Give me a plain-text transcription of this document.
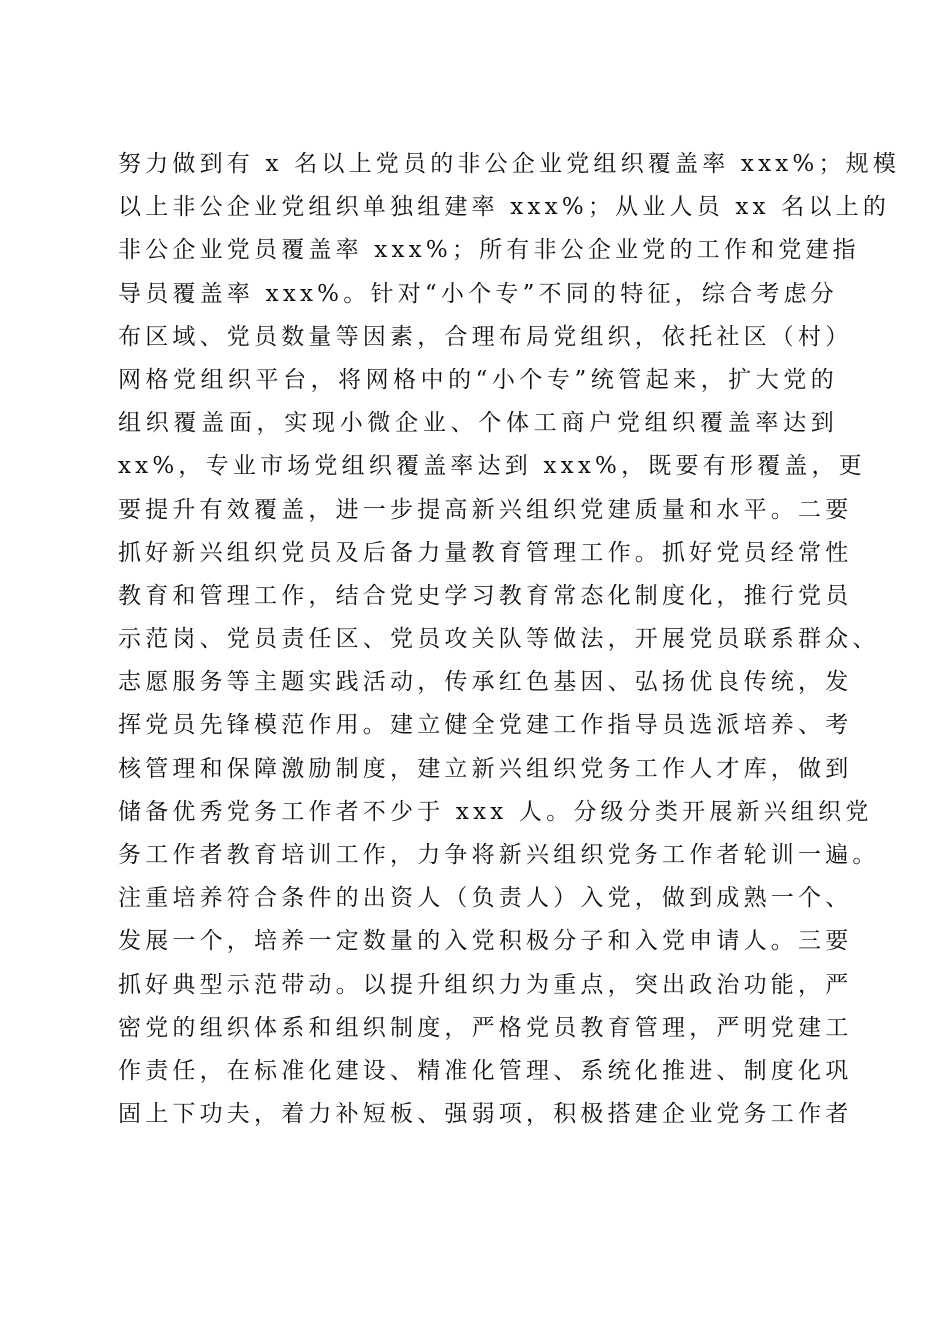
努力做到有 x 名以上党员的非公企业党组织覆盖率 xxx%；规模
以上非公企业党组织单独组建率 xxx%；从业人员 xx 名以上的
非公企业党员覆盖率 xxx%；所有非公企业党的工作和党建指
导员覆盖率 xxx%。针对“小个专”不同的特征，综合考虑分
布区域、党员数量等因素，合理布局党组织，依托社区（村）
网格党组织平台，将网格中的“小个专”统管起来，扩大党的
组织覆盖面，实现小微企业、个体工商户党组织覆盖率达到
xx%，专业市场党组织覆盖率达到 xxx%，既要有形覆盖，更
要提升有效覆盖，进一步提高新兴组织党建质量和水平。二要
抓好新兴组织党员及后备力量教育管理工作。抓好党员经常性
教育和管理工作，结合党史学习教育常态化制度化，推行党员
示范岗、党员责任区、党员攻关队等做法，开展党员联系群众、
志愿服务等主题实践活动，传承红色基因、弘扬优良传统，发
挥党员先锋模范作用。建立健全党建工作指导员选派培养、考
核管理和保障激励制度，建立新兴组织党务工作人才库，做到
储备优秀党务工作者不少于 xxx 人。分级分类开展新兴组织党
务工作者教育培训工作，力争将新兴组织党务工作者轮训一遍。
注重培养符合条件的出资人（负责人）入党，做到成熟一个、
发展一个，培养一定数量的入党积极分子和入党申请人。三要
抓好典型示范带动。以提升组织力为重点，突出政治功能，严
密党的组织体系和组织制度，严格党员教育管理，严明党建工
作责任，在标准化建设、精准化管理、系统化推进、制度化巩
固上下功夫，着力补短板、强弱项，积极搭建企业党务工作者
